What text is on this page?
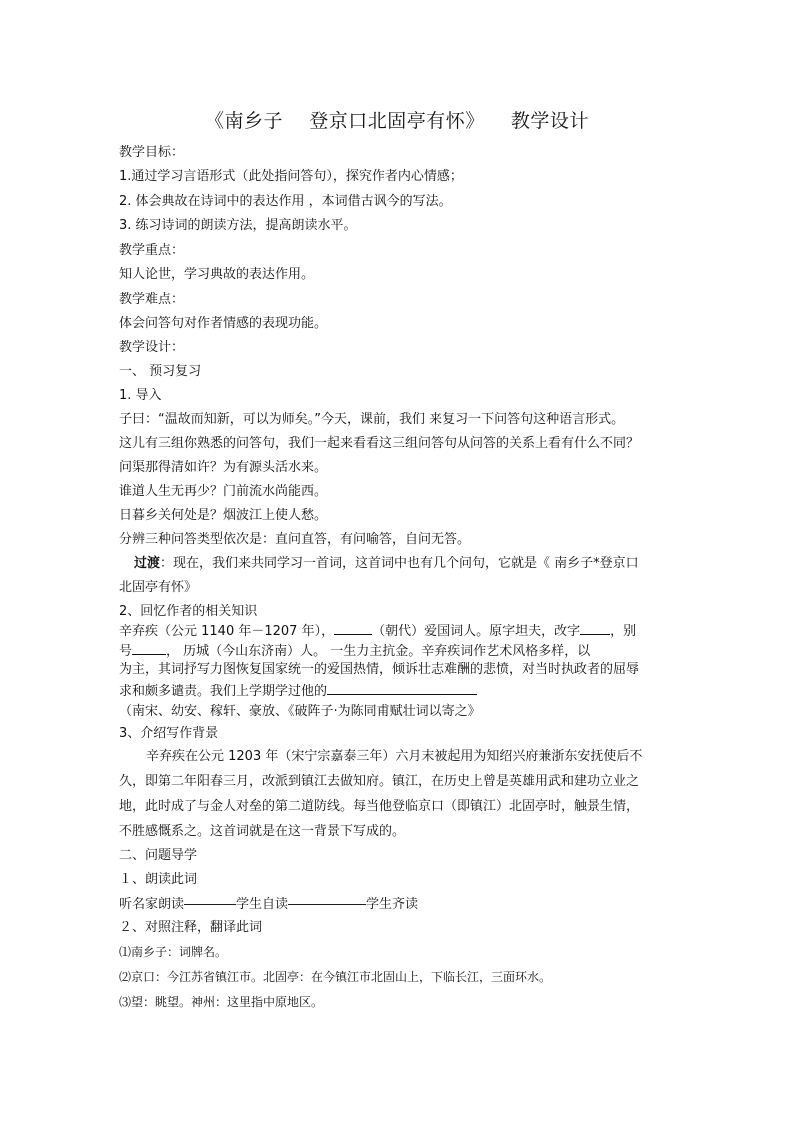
《南乡子 登京口北固亭有怀》 教学设计
教学目标：
1.通过学习言语形式（此处指问答句），探究作者内心情感；
2. 体会典故在诗词中的表达作用 ，本词借古讽今的写法。
3. 练习诗词的朗读方法，提高朗读水平。
教学重点：
知人论世，学习典故的表达作用。
教学难点：
体会问答句对作者情感的表现功能。
教学设计：
一、 预习复习
1. 导入
子曰：“温故而知新，可以为师矣。”今天，课前，我们 来复习一下问答句这种语言形式。
这儿有三组你熟悉的问答句，我们一起来看看这三组问答句从问答的关系上看有什么不同？
问渠那得清如许？为有源头活水来。
谁道人生无再少？门前流水尚能西。
日暮乡关何处是？烟波江上使人愁。
分辨三种问答类型依次是：直问直答，有问喻答，自问无答。
过渡：现在，我们来共同学习一首词，这首词中也有几个问句，它就是《 南乡子*登京口
北固亭有怀》
2、回忆作者的相关知识
辛弃疾（公元 1140 年－1207 年），	（朝代）爱国词人。原字坦夫，改字 ，别
号	， 历城（今山东济南）人。 一生力主抗金。辛弃疾词作艺术风格多样，以
为主，其词抒写力图恢复国家统一的爱国热情，倾诉壮志难酬的悲愤，对当时执政者的屈辱
求和颇多谴责。我们上学期学过他的
（南宋、幼安、稼轩、豪放、《破阵子·为陈同甫赋壮词以寄之》
3、介绍写作背景
辛弃疾在公元 1203 年（宋宁宗嘉泰三年）六月末被起用为知绍兴府兼浙东安抚使后不
久，即第二年阳春三月，改派到镇江去做知府。镇江，在历史上曾是英雄用武和建功立业之
地，此时成了与金人对垒的第二道防线。每当他登临京口（即镇江）北固亭时，触景生情，
不胜感慨系之。这首词就是在这一背景下写成的。
二、问题导学
１、朗读此词
听名家朗读――――学生自读――――――学生齐读
２、对照注释，翻译此词
⑴南乡子：词牌名。
⑵京口：今江苏省镇江市。北固亭：在今镇江市北固山上，下临长江，三面环水。
⑶望：眺望。神州：这里指中原地区。
